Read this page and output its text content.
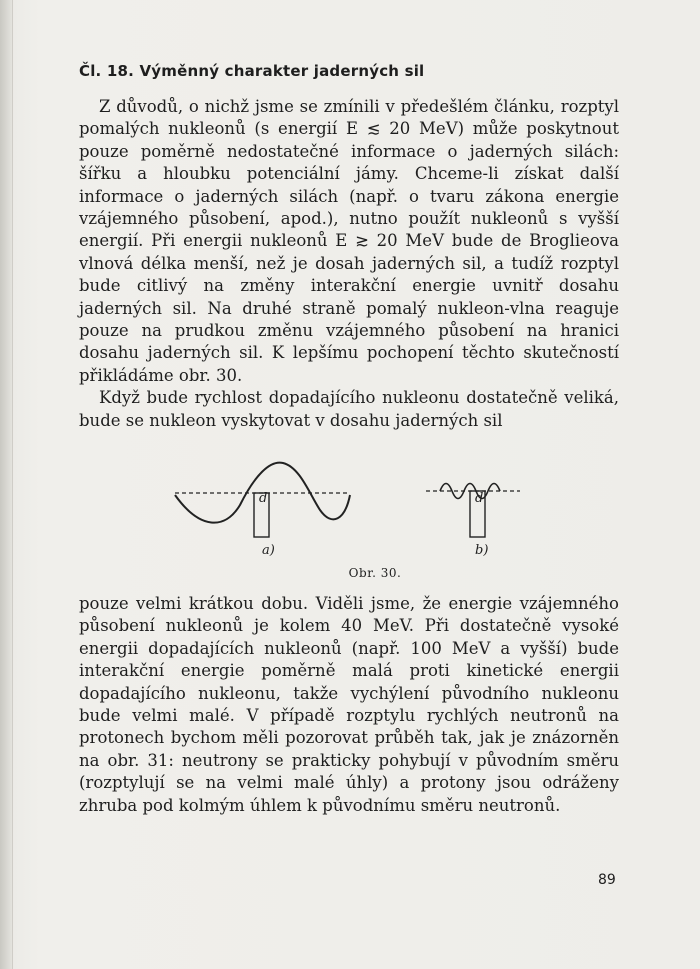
Čl. 18. Výměnný charakter jaderných sil

Z důvodů, o nichž jsme se zmínili v předešlém článku, rozptyl pomalých nukleonů (s energií E ≲ 20 MeV) může poskytnout pouze poměrně nedostatečné informace o jaderných silách: šířku a hloubku potenciální jámy. Chceme-li získat další informace o jaderných silách (např. o tvaru zákona energie vzájemného působení, apod.), nutno použít nukleonů s vyšší energií. Při energii nukleonů E ≳ 20 MeV bude de Broglieova vlnová délka menší, než je dosah jaderných sil, a tudíž rozptyl bude citlivý na změny interakční energie uvnitř dosahu jaderných sil. Na druhé straně pomalý nukleon-vlna reaguje pouze na prudkou změnu vzájemného působení na hranici dosahu jaderných sil. K lepšímu pochopení těchto skutečností přikládáme obr. 30.

Když bude rychlost dopadajícího nukleonu dostatečně veliká, bude se nukleon vyskytovat v dosahu jaderných sil

d	d
a)	b)
Obr. 30.

pouze velmi krátkou dobu. Viděli jsme, že energie vzájemného působení nukleonů je kolem 40 MeV. Při dostatečně vysoké energii dopadajících nukleonů (např. 100 MeV a vyšší) bude interakční energie poměrně malá proti kinetické energii dopadajícího nukleonu, takže vychýlení původního nukleonu bude velmi malé. V případě rozptylu rychlých neutronů na protonech bychom měli pozorovat průběh tak, jak je znázorněn na obr. 31: neutrony se prakticky pohybují v původním směru (rozptylují se na velmi malé úhly) a protony jsou odráženy zhruba pod kolmým úhlem k původnímu směru neutronů.

89
